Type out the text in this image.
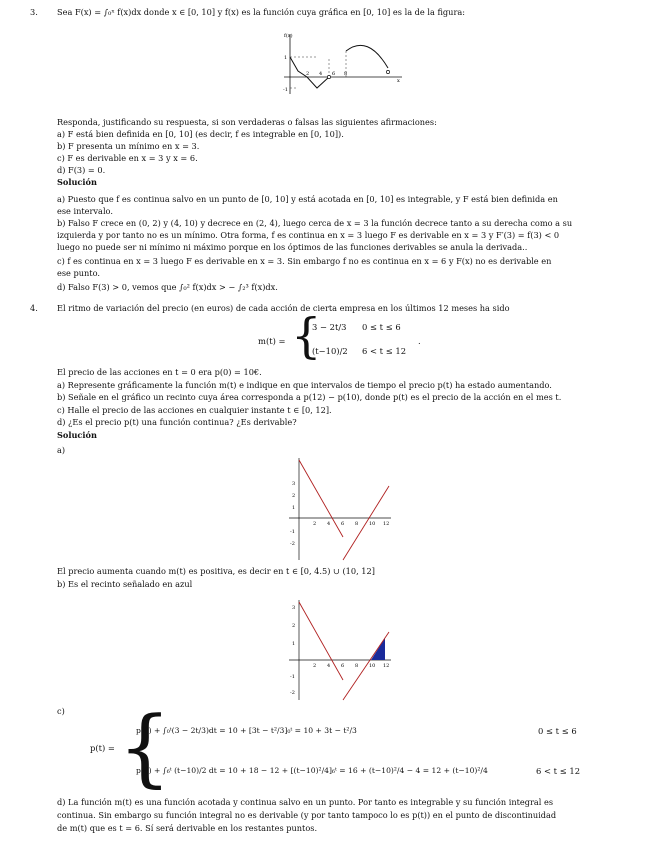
3. Sea F(x) = ∫₀ˣ f(x)dx donde x ∈ [0, 10] y f(x) es la función cuya gráfica en [0, 10] es la de la figura:
f(x)
x
1
-1
2 4 6 8
Responda, justificando su respuesta, si son verdaderas o falsas las siguientes afirmaciones:
a) F está bien definida en [0, 10] (es decir, f es integrable en [0, 10]).
b) F presenta un mínimo en x = 3.
c) F es derivable en x = 3 y x = 6.
d) F(3) = 0.
Solución
a) Puesto que f es continua salvo en un punto de [0, 10] y está acotada en [0, 10] es integrable, y F está bien definida en
ese intervalo.
b) Falso F crece en (0, 2) y (4, 10) y decrece en (2, 4), luego cerca de x = 3 la función decrece tanto a su derecha como a su
izquierda y por tanto no es un mínimo. Otra forma, f es continua en x = 3 luego F es derivable en x = 3 y F′(3) = f(3) < 0
luego no puede ser ni mínimo ni máximo porque en los óptimos de las funciones derivables se anula la derivada..
c) f es continua en x = 3 luego F es derivable en x = 3. Sin embargo f no es continua en x = 6 y F(x) no es derivable en
ese punto.
d) Falso F(3) > 0, vemos que ∫₀² f(x)dx > − ∫₂³ f(x)dx.
4. El ritmo de variación del precio (en euros) de cada acción de cierta empresa en los últimos 12 meses ha sido
m(t) = {
3 − 2t/3 0 ≤ t ≤ 6
(t−10)/2 6 < t ≤ 12
.
El precio de las acciones en t = 0 era p(0) = 10€.
a) Represente gráficamente la función m(t) e indique en que intervalos de tiempo el precio p(t) ha estado aumentando.
b) Señale en el gráfico un recinto cuya área corresponda a p(12) − p(10), donde p(t) es el precio de la acción en el mes t.
c) Halle el precio de las acciones en cualquier instante t ∈ [0, 12].
d) ¿Es el precio p(t) una función continua? ¿Es derivable?
Solución
a)
2 4 6 8 10 12
3
2
1
-1
-2
El precio aumenta cuando m(t) es positiva, es decir en t ∈ [0, 4.5) ∪ (10, 12]
b) Es el recinto señalado en azul
2 4 6 8 10 12
3
2
1
-1
-2
c)
p(t) = {
p(0) + ∫₀ᵗ(3 − 2t/3)dt = 10 + [3t − t²/3]₀ᵗ = 10 + 3t − t²/3	0 ≤ t ≤ 6
p(6) + ∫₆ᵗ (t−10)/2 dt = 10 + 18 − 12 + [(t−10)²/4]₆ᵗ = 16 + (t−10)²/4 − 4 = 12 + (t−10)²/4	6 < t ≤ 12
d) La función m(t) es una función acotada y continua salvo en un punto. Por tanto es integrable y su función integral es
continua. Sin embargo su función integral no es derivable (y por tanto tampoco lo es p(t)) en el punto de discontinuidad
de m(t) que es t = 6. Sí será derivable en los restantes puntos.
